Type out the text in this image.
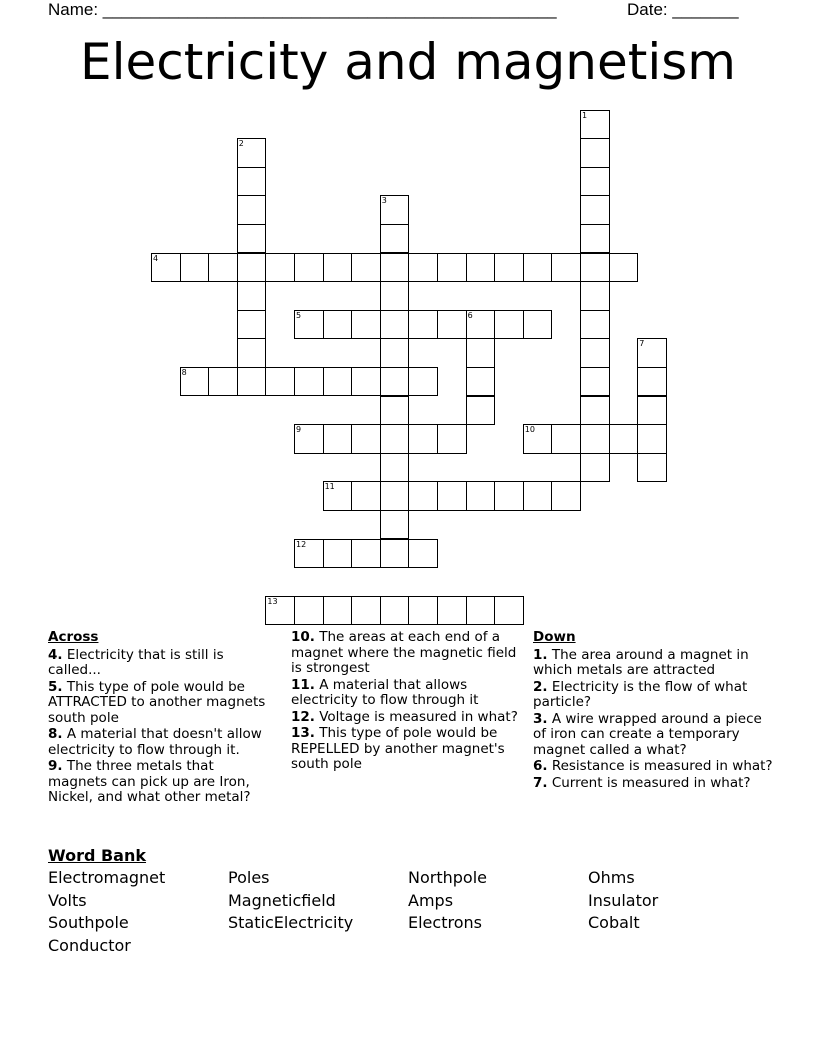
Name: ________________________________________________	Date: _______
Electricity and magnetism
1
2
3
4
5	6
7
8
9	10
11
12
13
Across
4. Electricity that is still is called...
5. This type of pole would be ATTRACTED to another magnets south pole
8. A material that doesn't allow electricity to flow through it.
9. The three metals that magnets can pick up are Iron, Nickel, and what other metal?
10. The areas at each end of a magnet where the magnetic field is strongest
11. A material that allows electricity to flow through it
12. Voltage is measured in what?
13. This type of pole would be REPELLED by another magnet's south pole
Down
1. The area around a magnet in which metals are attracted
2. Electricity is the flow of what particle?
3. A wire wrapped around a piece of iron can create a temporary magnet called a what?
6. Resistance is measured in what?
7. Current is measured in what?
Word Bank
Electromagnet	Poles	Northpole	Ohms
Volts	Magneticfield	Amps	Insulator
Southpole	StaticElectricity	Electrons	Cobalt
Conductor
